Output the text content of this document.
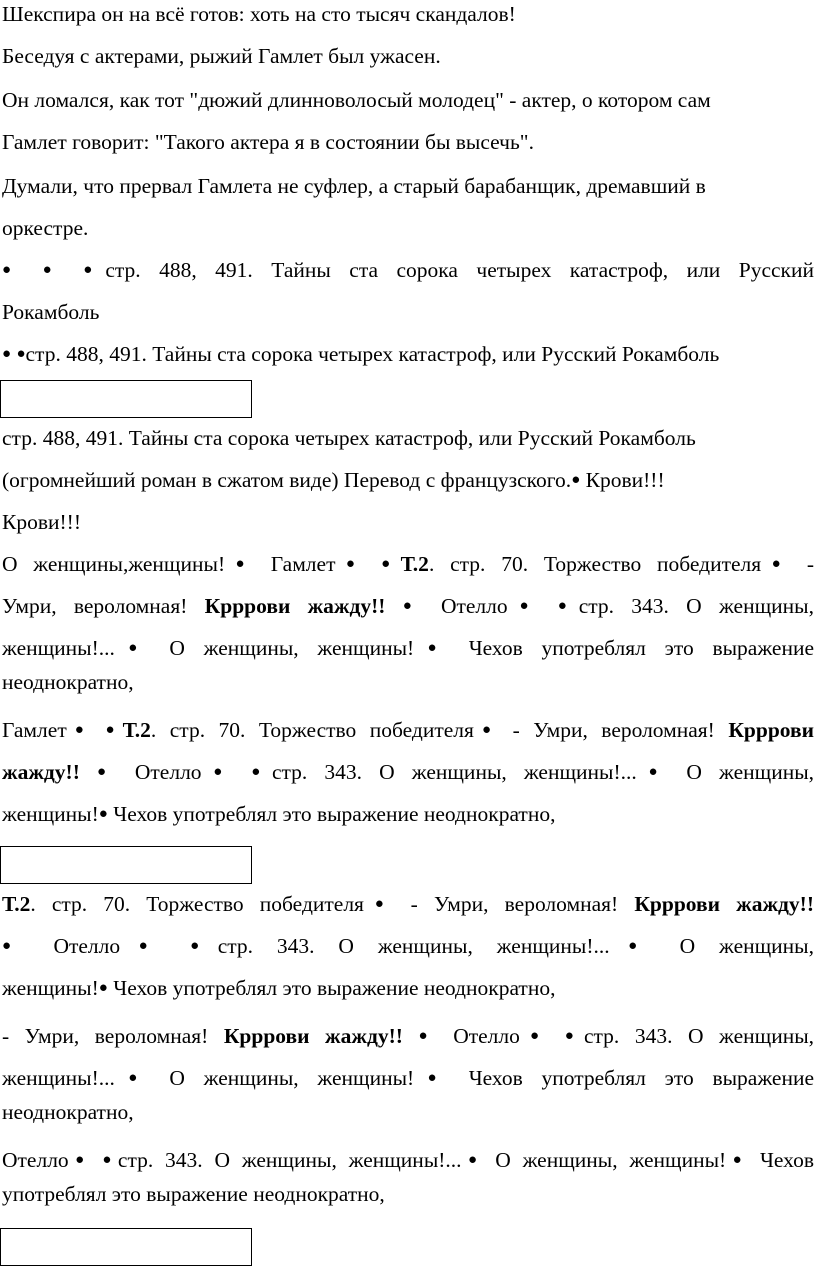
Шекспира он на всё готов: хоть на сто тысяч скандалов!

Беседуя с актерами, рыжий Гамлет был ужасен.

Он ломался, как тот "дюжий длинноволосый молодец" - актер, о котором сам

Гамлет говорит: "Такого актера я в состоянии бы высечь".

Думали, что прервал Гамлета не суфлер, а старый барабанщик, дремавший в

оркестре.

● ● ●стр. 488, 491. Тайны ста сорока четырех катастроф, или Русский

Рокамболь

● ●стр. 488, 491. Тайны ста сорока четырех катастроф, или Русский Рокамболь

стр. 488, 491. Тайны ста сорока четырех катастроф, или Русский Рокамболь

(огромнейший роман в сжатом виде) Перевод с французского.● Крови!!!

Крови!!!

О женщины,женщины!● Гамлет● ●Т.2. стр. 70. Торжество победителя● -

Умри, вероломная! Крррови жажду!! ● Отелло● ●стр. 343. О женщины,

женщины!...● О женщины, женщины!● Чехов употреблял это выражение

неоднократно,

Гамлет● ●Т.2. стр. 70. Торжество победителя● - Умри, вероломная! Крррови

жажду!! ● Отелло● ●стр. 343. О женщины, женщины!...● О женщины,

женщины!● Чехов употреблял это выражение неоднократно,

Т.2. стр. 70. Торжество победителя● - Умри, вероломная! Крррови жажду!!

● Отелло● ●стр. 343. О женщины, женщины!...● О женщины,

женщины!● Чехов употреблял это выражение неоднократно,

- Умри, вероломная! Крррови жажду!! ● Отелло● ●стр. 343. О женщины,

женщины!...● О женщины, женщины!● Чехов употреблял это выражение

неоднократно,

Отелло● ●стр. 343. О женщины, женщины!...● О женщины, женщины!● Чехов

употреблял это выражение неоднократно,
